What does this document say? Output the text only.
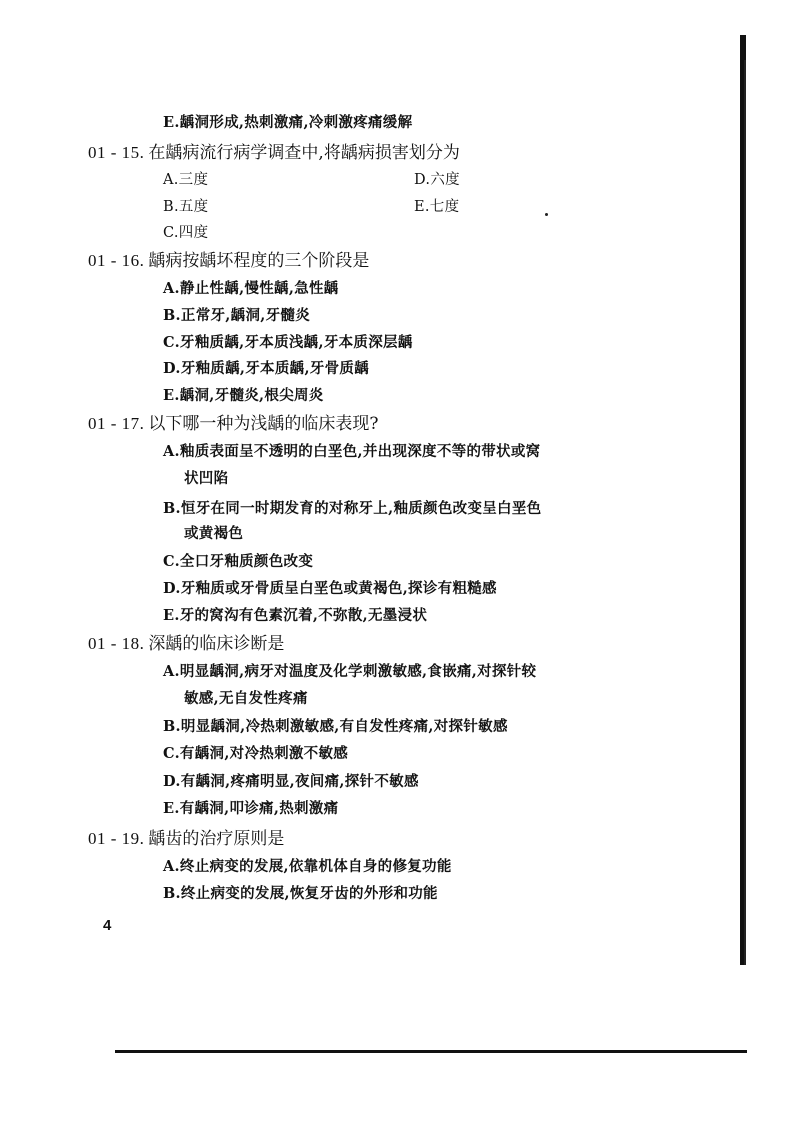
E.龋洞形成,热刺激痛,冷刺激疼痛缓解
01 - 15. 在龋病流行病学调查中,将龋病损害划分为
A.三度	D.六度
B.五度	E.七度
C.四度
01 - 16. 龋病按龋坏程度的三个阶段是
A.静止性龋,慢性龋,急性龋
B.正常牙,龋洞,牙髓炎
C.牙釉质龋,牙本质浅龋,牙本质深层龋
D.牙釉质龋,牙本质龋,牙骨质龋
E.龋洞,牙髓炎,根尖周炎
01 - 17. 以下哪一种为浅龋的临床表现?
A.釉质表面呈不透明的白垩色,并出现深度不等的带状或窝
状凹陷
B.恒牙在同一时期发育的对称牙上,釉质颜色改变呈白垩色
或黄褐色
C.全口牙釉质颜色改变
D.牙釉质或牙骨质呈白垩色或黄褐色,探诊有粗糙感
E.牙的窝沟有色素沉着,不弥散,无墨浸状
01 - 18. 深龋的临床诊断是
A.明显龋洞,病牙对温度及化学刺激敏感,食嵌痛,对探针较
敏感,无自发性疼痛
B.明显龋洞,冷热刺激敏感,有自发性疼痛,对探针敏感
C.有龋洞,对冷热刺激不敏感
D.有龋洞,疼痛明显,夜间痛,探针不敏感
E.有龋洞,叩诊痛,热刺激痛
01 - 19. 龋齿的治疗原则是
A.终止病变的发展,依靠机体自身的修复功能
B.终止病变的发展,恢复牙齿的外形和功能
4
